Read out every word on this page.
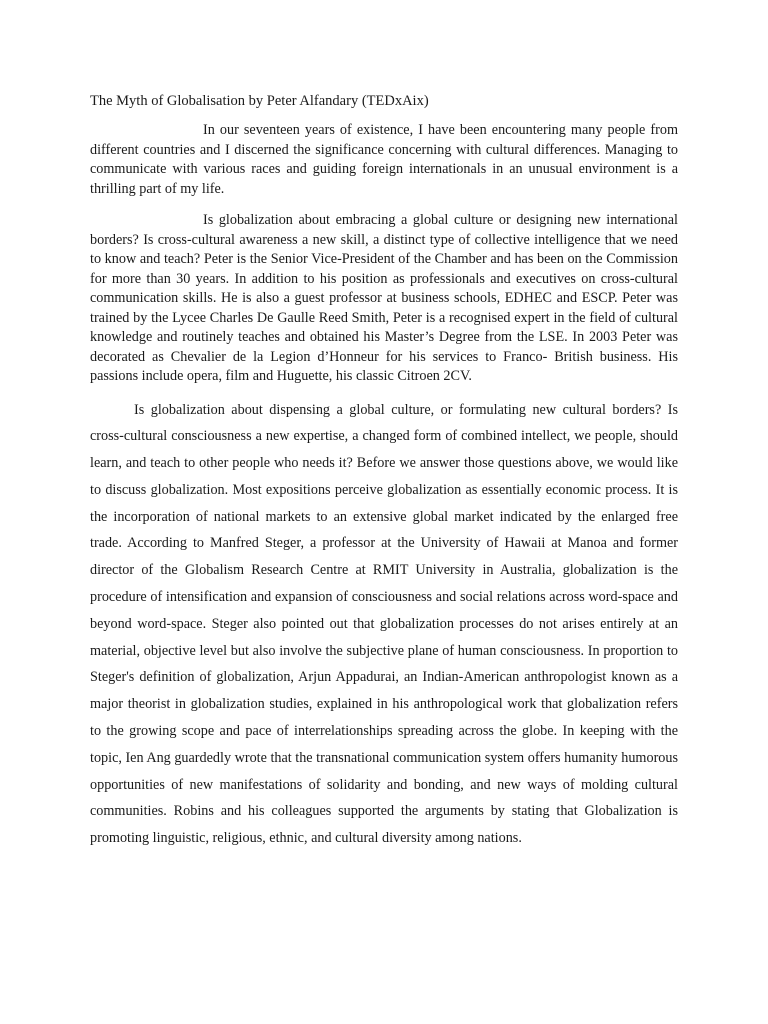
The Myth of Globalisation by Peter Alfandary (TEDxAix)

In our seventeen years of existence, I have been encountering many people from different countries and I discerned the significance concerning with cultural differences. Managing to communicate with various races and guiding foreign internationals in an unusual environment is a thrilling part of my life.

Is globalization about embracing a global culture or designing new international borders? Is cross-cultural awareness a new skill, a distinct type of collective intelligence that we need to know and teach? Peter is the Senior Vice-President of the Chamber and has been on the Commission for more than 30 years. In addition to his position as professionals and executives on cross-cultural communication skills. He is also a guest professor at business schools, EDHEC and ESCP. Peter was trained by the Lycee Charles De Gaulle Reed Smith, Peter is a recognised expert in the field of cultural knowledge and routinely teaches and obtained his Master’s Degree from the LSE. In 2003 Peter was decorated as Chevalier de la Legion d’Honneur for his services to Franco- British business. His passions include opera, film and Huguette, his classic Citroen 2CV.

Is globalization about dispensing a global culture, or formulating new cultural borders? Is cross-cultural consciousness a new expertise, a changed form of combined intellect, we people, should learn, and teach to other people who needs it? Before we answer those questions above, we would like to discuss globalization. Most expositions perceive globalization as essentially economic process. It is the incorporation of national markets to an extensive global market indicated by the enlarged free trade. According to Manfred Steger, a professor at the University of Hawaii at Manoa and former director of the Globalism Research Centre at RMIT University in Australia, globalization is the procedure of intensification and expansion of consciousness and social relations across word-space and beyond word-space. Steger also pointed out that globalization processes do not arises entirely at an material, objective level but also involve the subjective plane of human consciousness. In proportion to Steger's definition of globalization, Arjun Appadurai, an Indian-American anthropologist known as a major theorist in globalization studies, explained in his anthropological work that globalization refers to the growing scope and pace of interrelationships spreading across the globe. In keeping with the topic, Ien Ang guardedly wrote that the transnational communication system offers humanity humorous opportunities of new manifestations of solidarity and bonding, and new ways of molding cultural communities. Robins and his colleagues supported the arguments by stating that Globalization is promoting linguistic, religious, ethnic, and cultural diversity among nations.
